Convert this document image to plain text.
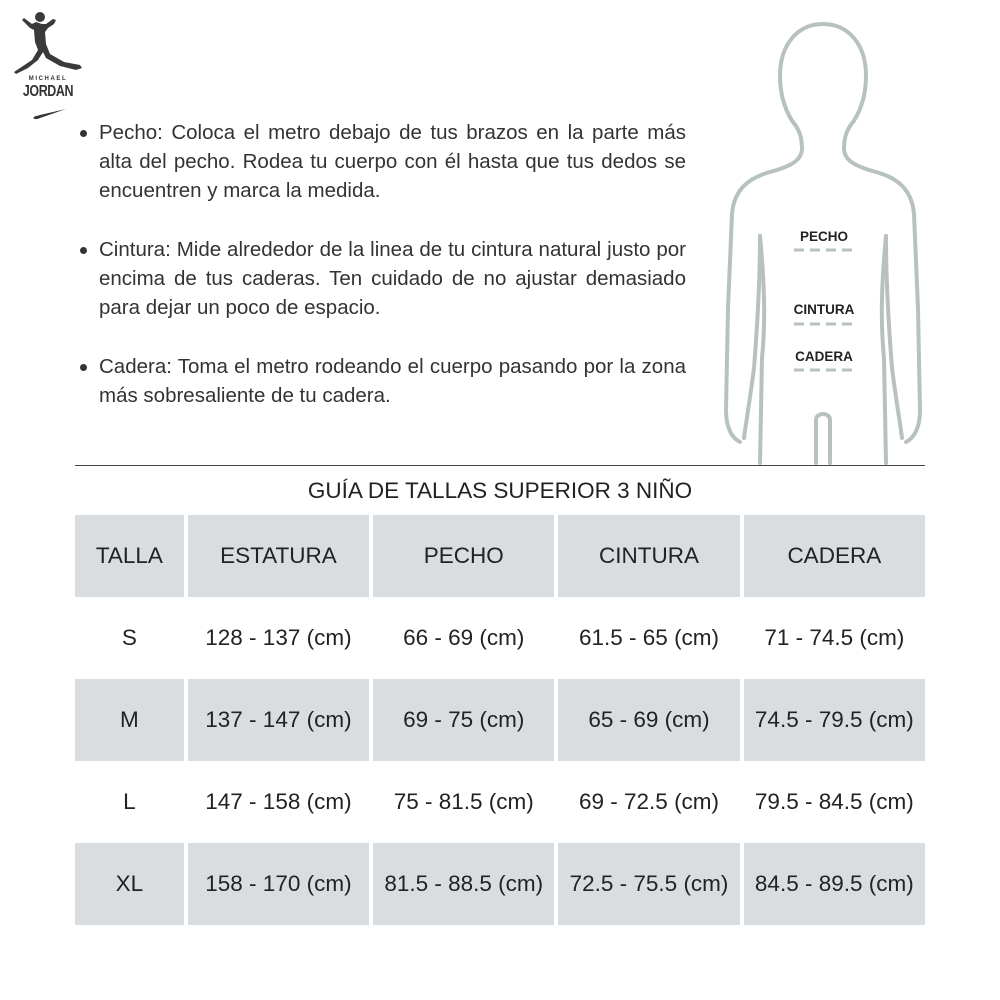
MICHAEL
JORDAN
Pecho: Coloca el metro debajo de tus brazos en la parte más alta del pecho. Rodea tu cuerpo con él hasta que tus dedos se encuentren y marca la medida.
Cintura: Mide alrededor de la linea de tu cintura natural justo por encima de tus caderas. Ten cuidado de no ajustar demasiado para dejar un poco de espacio.
Cadera: Toma el metro rodeando el cuerpo pasando por la zona más sobresaliente de tu cadera.
PECHO
CINTURA
CADERA
GUÍA DE TALLAS SUPERIOR 3 NIÑO
TALLA	ESTATURA	PECHO	CINTURA	CADERA
S	128 - 137 (cm)	66 - 69 (cm)	61.5 - 65 (cm)	71 - 74.5 (cm)
M	137 - 147 (cm)	69 - 75 (cm)	65 - 69 (cm)	74.5 - 79.5 (cm)
L	147 - 158 (cm)	75 - 81.5 (cm)	69 - 72.5 (cm)	79.5 - 84.5 (cm)
XL	158 - 170 (cm)	81.5 - 88.5 (cm)	72.5 - 75.5 (cm)	84.5 - 89.5 (cm)
